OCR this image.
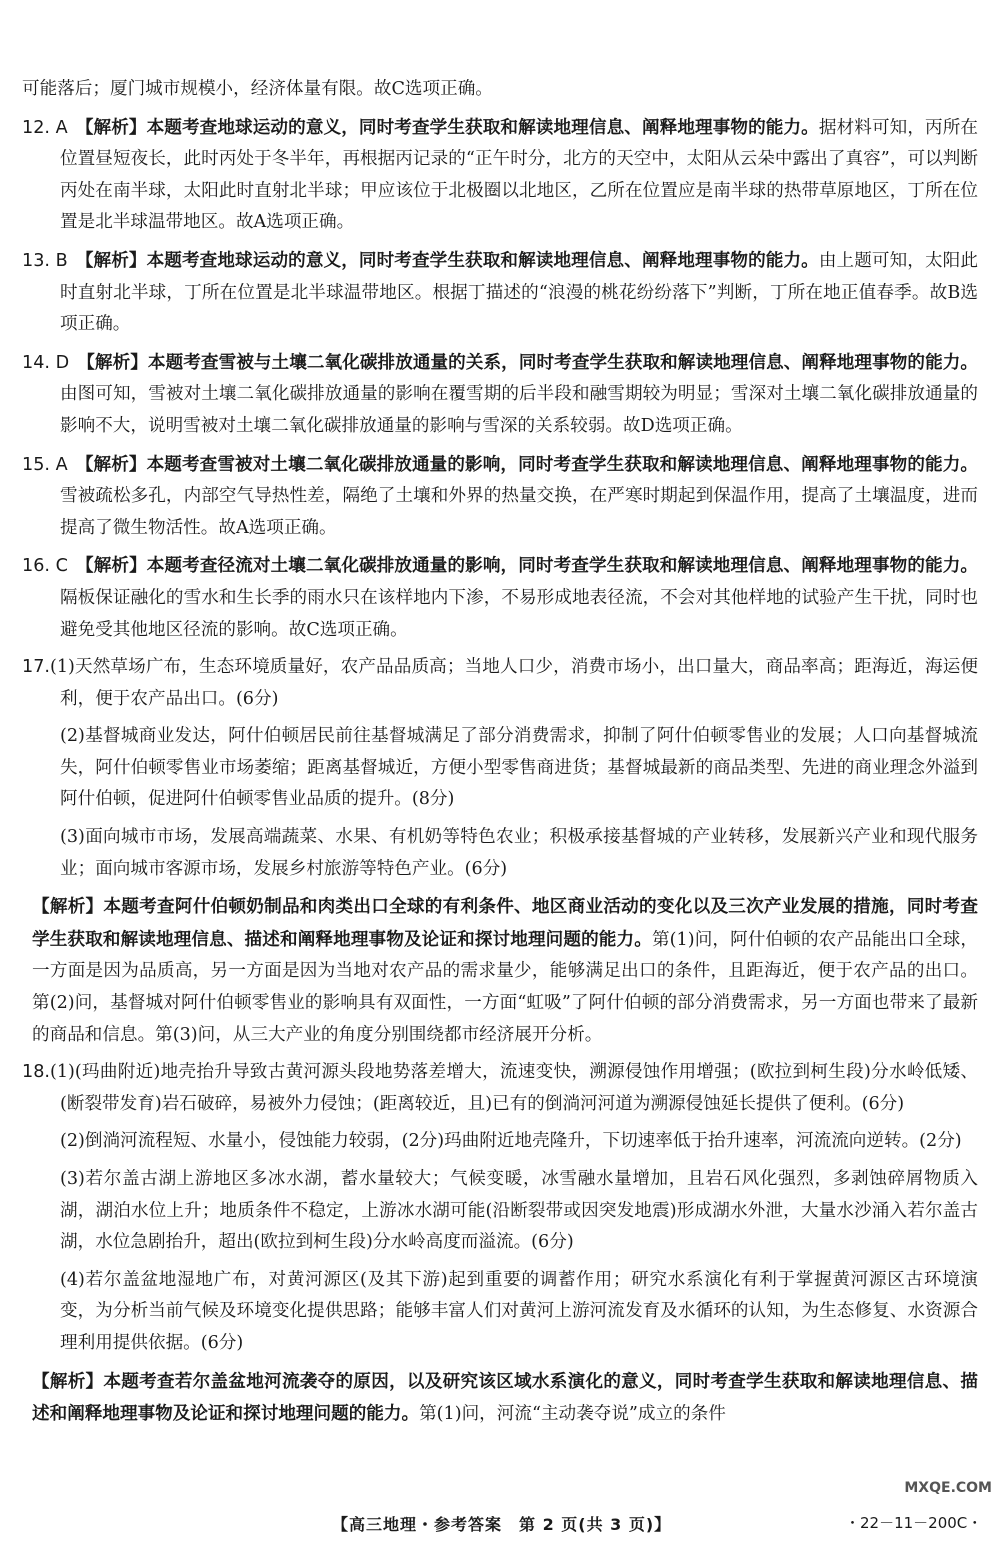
可能落后；厦门城市规模小，经济体量有限。故C选项正确。

12. A 【解析】本题考查地球运动的意义，同时考查学生获取和解读地理信息、阐释地理事物的能力。据材料可知，丙所在位置昼短夜长，此时丙处于冬半年，再根据丙记录的“正午时分，北方的天空中，太阳从云朵中露出了真容”，可以判断丙处在南半球，太阳此时直射北半球；甲应该位于北极圈以北地区，乙所在位置应是南半球的热带草原地区，丁所在位置是北半球温带地区。故A选项正确。

13. B 【解析】本题考查地球运动的意义，同时考查学生获取和解读地理信息、阐释地理事物的能力。由上题可知，太阳此时直射北半球，丁所在位置是北半球温带地区。根据丁描述的“浪漫的桃花纷纷落下”判断，丁所在地正值春季。故B选项正确。

14. D 【解析】本题考查雪被与土壤二氧化碳排放通量的关系，同时考查学生获取和解读地理信息、阐释地理事物的能力。由图可知，雪被对土壤二氧化碳排放通量的影响在覆雪期的后半段和融雪期较为明显；雪深对土壤二氧化碳排放通量的影响不大，说明雪被对土壤二氧化碳排放通量的影响与雪深的关系较弱。故D选项正确。

15. A 【解析】本题考查雪被对土壤二氧化碳排放通量的影响，同时考查学生获取和解读地理信息、阐释地理事物的能力。雪被疏松多孔，内部空气导热性差，隔绝了土壤和外界的热量交换，在严寒时期起到保温作用，提高了土壤温度，进而提高了微生物活性。故A选项正确。

16. C 【解析】本题考查径流对土壤二氧化碳排放通量的影响，同时考查学生获取和解读地理信息、阐释地理事物的能力。隔板保证融化的雪水和生长季的雨水只在该样地内下渗，不易形成地表径流，不会对其他样地的试验产生干扰，同时也避免受其他地区径流的影响。故C选项正确。

17.(1)天然草场广布，生态环境质量好，农产品品质高；当地人口少，消费市场小，出口量大，商品率高；距海近，海运便利，便于农产品出口。(6分)

(2)基督城商业发达，阿什伯顿居民前往基督城满足了部分消费需求，抑制了阿什伯顿零售业的发展；人口向基督城流失，阿什伯顿零售业市场萎缩；距离基督城近，方便小型零售商进货；基督城最新的商品类型、先进的商业理念外溢到阿什伯顿，促进阿什伯顿零售业品质的提升。(8分)

(3)面向城市市场，发展高端蔬菜、水果、有机奶等特色农业；积极承接基督城的产业转移，发展新兴产业和现代服务业；面向城市客源市场，发展乡村旅游等特色产业。(6分)

【解析】本题考查阿什伯顿奶制品和肉类出口全球的有利条件、地区商业活动的变化以及三次产业发展的措施，同时考查学生获取和解读地理信息、描述和阐释地理事物及论证和探讨地理问题的能力。第(1)问，阿什伯顿的农产品能出口全球，一方面是因为品质高，另一方面是因为当地对农产品的需求量少，能够满足出口的条件，且距海近，便于农产品的出口。第(2)问，基督城对阿什伯顿零售业的影响具有双面性，一方面“虹吸”了阿什伯顿的部分消费需求，另一方面也带来了最新的商品和信息。第(3)问，从三大产业的角度分别围绕都市经济展开分析。

18.(1)(玛曲附近)地壳抬升导致古黄河源头段地势落差增大，流速变快，溯源侵蚀作用增强；(欧拉到柯生段)分水岭低矮、(断裂带发育)岩石破碎，易被外力侵蚀；(距离较近，且)已有的倒淌河河道为溯源侵蚀延长提供了便利。(6分)

(2)倒淌河流程短、水量小，侵蚀能力较弱，(2分)玛曲附近地壳隆升，下切速率低于抬升速率，河流流向逆转。(2分)

(3)若尔盖古湖上游地区多冰水湖，蓄水量较大；气候变暖，冰雪融水量增加，且岩石风化强烈，多剥蚀碎屑物质入湖，湖泊水位上升；地质条件不稳定，上游冰水湖可能(沿断裂带或因突发地震)形成湖水外泄，大量水沙涌入若尔盖古湖，水位急剧抬升，超出(欧拉到柯生段)分水岭高度而溢流。(6分)

(4)若尔盖盆地湿地广布，对黄河源区(及其下游)起到重要的调蓄作用；研究水系演化有利于掌握黄河源区古环境演变，为分析当前气候及环境变化提供思路；能够丰富人们对黄河上游河流发育及水循环的认知，为生态修复、水资源合理利用提供依据。(6分)

【解析】本题考查若尔盖盆地河流袭夺的原因，以及研究该区域水系演化的意义，同时考查学生获取和解读地理信息、描述和阐释地理事物及论证和探讨地理问题的能力。第(1)问，河流“主动袭夺说”成立的条件

MXQE.COM
【高三地理・参考答案　第 2 页(共 3 页)】	・22－11－200C・
